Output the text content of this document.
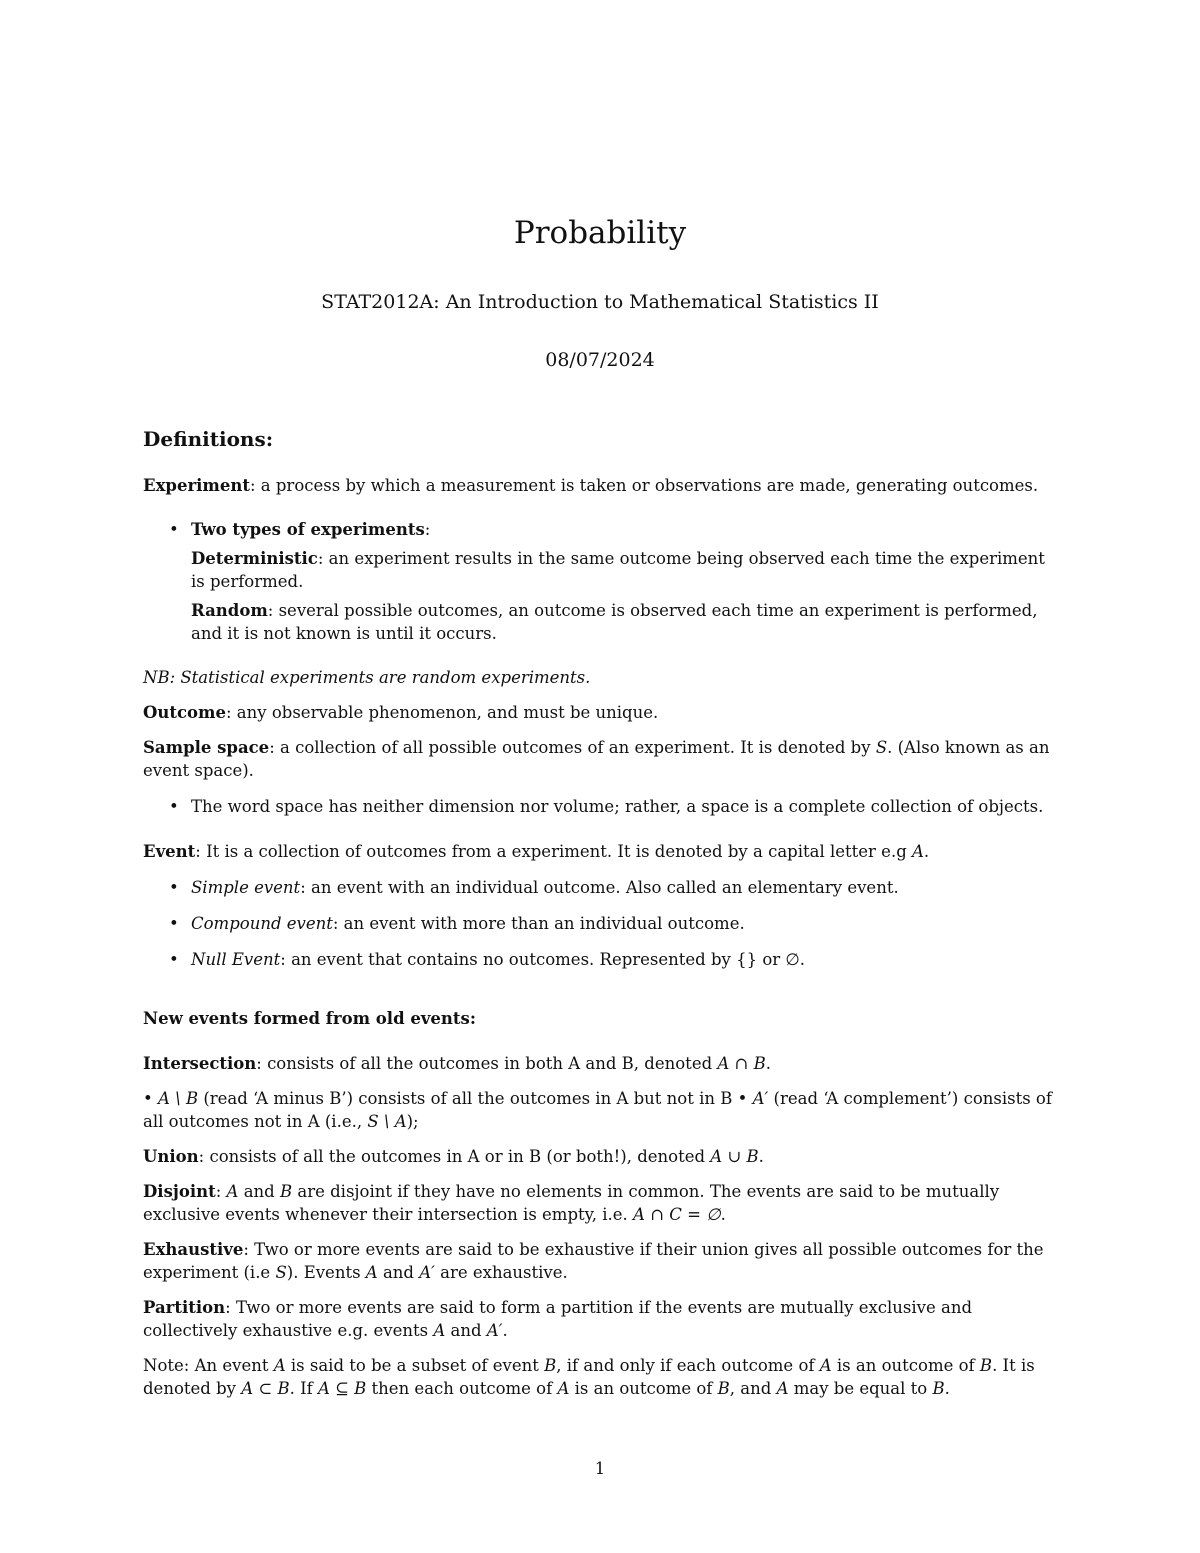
Probability
STAT2012A: An Introduction to Mathematical Statistics II
08/07/2024
Definitions:

Experiment: a process by which a measurement is taken or observations are made, generating outcomes.

• Two types of experiments:

Deterministic: an experiment results in the same outcome being observed each time the experiment is performed.

Random: several possible outcomes, an outcome is observed each time an experiment is performed, and it is not known is until it occurs.

NB: Statistical experiments are random experiments.

Outcome: any observable phenomenon, and must be unique.

Sample space: a collection of all possible outcomes of an experiment. It is denoted by S. (Also known as an event space).

• The word space has neither dimension nor volume; rather, a space is a complete collection of objects.

Event: It is a collection of outcomes from a experiment. It is denoted by a capital letter e.g A.

• Simple event: an event with an individual outcome. Also called an elementary event.
• Compound event: an event with more than an individual outcome.
• Null Event: an event that contains no outcomes. Represented by {} or ∅.
New events formed from old events:

Intersection: consists of all the outcomes in both A and B, denoted A ∩ B.

• A \ B (read ‘A minus B’) consists of all the outcomes in A but not in B • A′ (read ‘A complement’) consists of all outcomes not in A (i.e., S \ A);

Union: consists of all the outcomes in A or in B (or both!), denoted A ∪ B.

Disjoint: A and B are disjoint if they have no elements in common. The events are said to be mutually exclusive events whenever their intersection is empty, i.e. A ∩ C = ∅.

Exhaustive: Two or more events are said to be exhaustive if their union gives all possible outcomes for the experiment (i.e S). Events A and A′ are exhaustive.

Partition: Two or more events are said to form a partition if the events are mutually exclusive and collectively exhaustive e.g. events A and A′.

Note: An event A is said to be a subset of event B, if and only if each outcome of A is an outcome of B. It is denoted by A ⊂ B. If A ⊆ B then each outcome of A is an outcome of B, and A may be equal to B.

1
